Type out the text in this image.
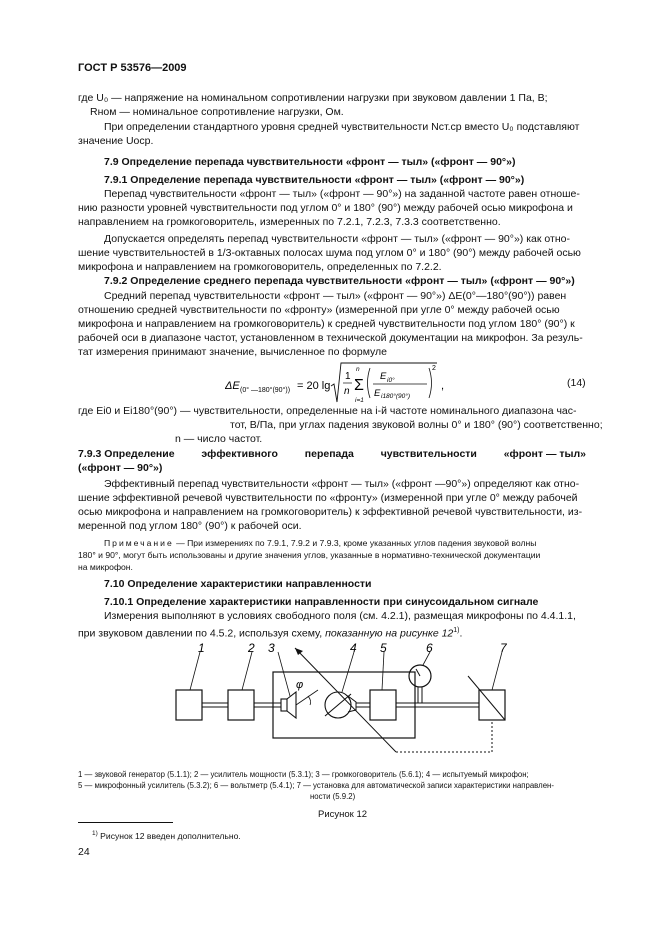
ГОСТ Р 53576—2009
где U₀ — напряжение на номинальном сопротивлении нагрузки при звуковом давлении 1 Па, В;
Rном — номинальное сопротивление нагрузки, Ом.
При определении стандартного уровня средней чувствительности Nст.ср вместо U₀ подставляют
значение Uоср.
7.9 Определение перепада чувствительности «фронт — тыл» («фронт — 90°»)
7.9.1 Определение перепада чувствительности «фронт — тыл» («фронт — 90°»)
Перепад чувствительности «фронт — тыл» («фронт — 90°») на заданной частоте равен отноше-
нию разности уровней чувствительности под углом 0° и 180° (90°) между рабочей осью микрофона и
направлением на громкоговоритель, измеренных по 7.2.1, 7.2.3, 7.3.3 соответственно.
Допускается определять перепад чувствительности «фронт — тыл» («фронт — 90°») как отно-
шение чувствительностей в 1/3-октавных полосах шума под углом 0° и 180° (90°) между рабочей осью
микрофона и направлением на громкоговоритель, определенных по 7.2.2.
7.9.2 Определение среднего перепада чувствительности «фронт — тыл» («фронт — 90°»)
Средний перепад чувствительности «фронт — тыл» («фронт — 90°») ΔE(0°—180°(90°)) равен
отношению средней чувствительности по «фронту» (измеренной при угле 0° между рабочей осью
микрофона и направлением на громкоговоритель) к средней чувствительности под углом 180° (90°) к
рабочей оси в диапазоне частот, установленном в технической документации на микрофон. За резуль-
тат измерения принимают значение, вычисленное по формуле
ΔE (0° —180°(90°)) = 20 lg
1
n
n
Σ
i=1
E i0°
E i180°(90°)
2
,	(14)
где Ei0 и Ei180°(90°) — чувствительности, определенные на i-й частоте номинального диапазона час-
тот, В/Па, при углах падения звуковой волны 0° и 180° (90°) соответственно;
n — число частот.
7.9.3 Определение	эффективного	перепада	чувствительности	«фронт — тыл»
(«фронт — 90°»)
Эффективный перепад чувствительности «фронт — тыл» («фронт —90°») определяют как отно-
шение эффективной речевой чувствительности по «фронту» (измеренной при угле 0° между рабочей
осью микрофона и направлением на громкоговоритель) к эффективной речевой чувствительности, из-
меренной под углом 180° (90°) к рабочей оси.
Примечание — При измерениях по 7.9.1, 7.9.2 и 7.9.3, кроме указанных углов падения звуковой волны
180° и 90°, могут быть использованы и другие значения углов, указанные в нормативно-технической документации
на микрофон.
7.10 Определение характеристики направленности
7.10.1 Определение характеристики направленности при синусоидальном сигнале
Измерения выполняют в условиях свободного поля (см. 4.2.1), размещая микрофоны по 4.4.1.1,
при звуковом давлении по 4.5.2, используя схему, показанную на рисунке 12$^{1)}$.
1	2 3	4 5	6	7
φ
1 — звуковой генератор (5.1.1); 2 — усилитель мощности (5.3.1); 3 — громкоговоритель (5.6.1); 4 — испытуемый микрофон;
5 — микрофонный усилитель (5.3.2); 6 — вольтметр (5.4.1); 7 — установка для автоматической записи характеристики направлен-
ности (5.9.2)
Рисунок 12
$^{1)}$ Рисунок 12 введен дополнительно.
24
